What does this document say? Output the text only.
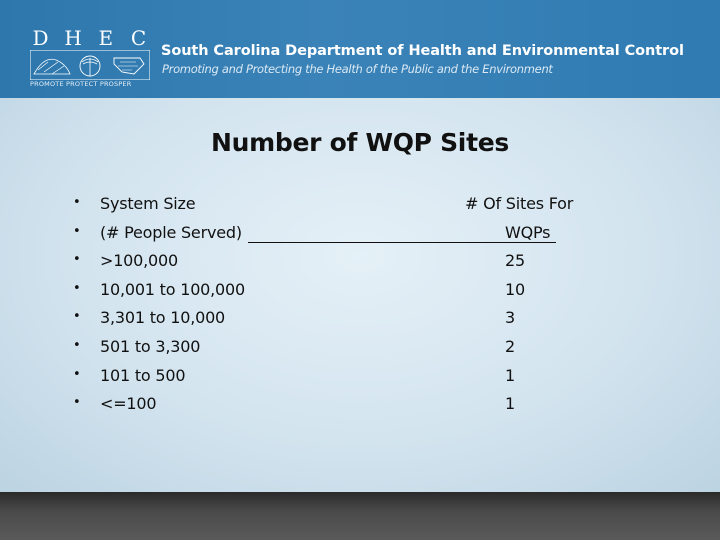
D H E C
PROMOTE PROTECT PROSPER
South Carolina Department of Health and Environmental Control
Promoting and Protecting the Health of the Public and the Environment
Number of WQP Sites
• System Size	# Of Sites For
• (# People Served)	WQPs
• >100,000	25
• 10,001 to 100,000	10
• 3,301 to 10,000	3
• 501 to 3,300	2
• 101 to 500	1
• <=100	1
